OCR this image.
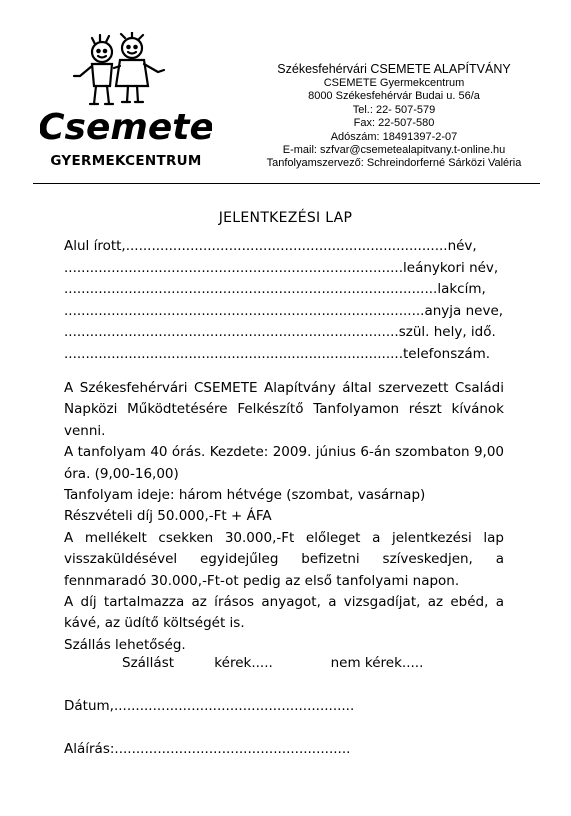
Csemete
GYERMEKCENTRUM
Székesfehérvári CSEMETE ALAPÍTVÁNY
CSEMETE Gyermekcentrum
8000 Székesfehérvár Budai u. 56/a
Tel.: 22- 507-579
Fax: 22-507-580
Adószám: 18491397-2-07
E-mail: szfvar@csemetealapitvany.t-online.hu
Tanfolyamszervező: Schreindorferné Sárközi Valéria
JELENTKEZÉSI LAP
Alul írott,...........................................................................név,
...............................................................................leánykori név,
.......................................................................................lakcím,
....................................................................................anyja neve,
..............................................................................szül. hely, idő.
...............................................................................telefonszám.

A Székesfehérvári CSEMETE Alapítvány által szervezett Családi Napközi Működtetésére Felkészítő Tanfolyamon részt kívánok venni.

A tanfolyam 40 órás. Kezdete: 2009. június 6-án szombaton 9,00 óra. (9,00-16,00)

Tanfolyam ideje: három hétvége (szombat, vasárnap)

Részvételi díj 50.000,-Ft + ÁFA

A mellékelt csekken 30.000,-Ft előleget a jelentkezési lap visszaküldésével egyidejűleg befizetni szíveskedjen, a fennmaradó 30.000,-Ft-ot pedig az első tanfolyami napon.

A díj tartalmazza az írásos anyagot, a vizsgadíjat, az ebéd, a kávé, az üdítő költségét is.

Szállás lehetőség.

Szállást	kérek.....	nem kérek.....
Dátum,........................................................
Aláírás:.......................................................
